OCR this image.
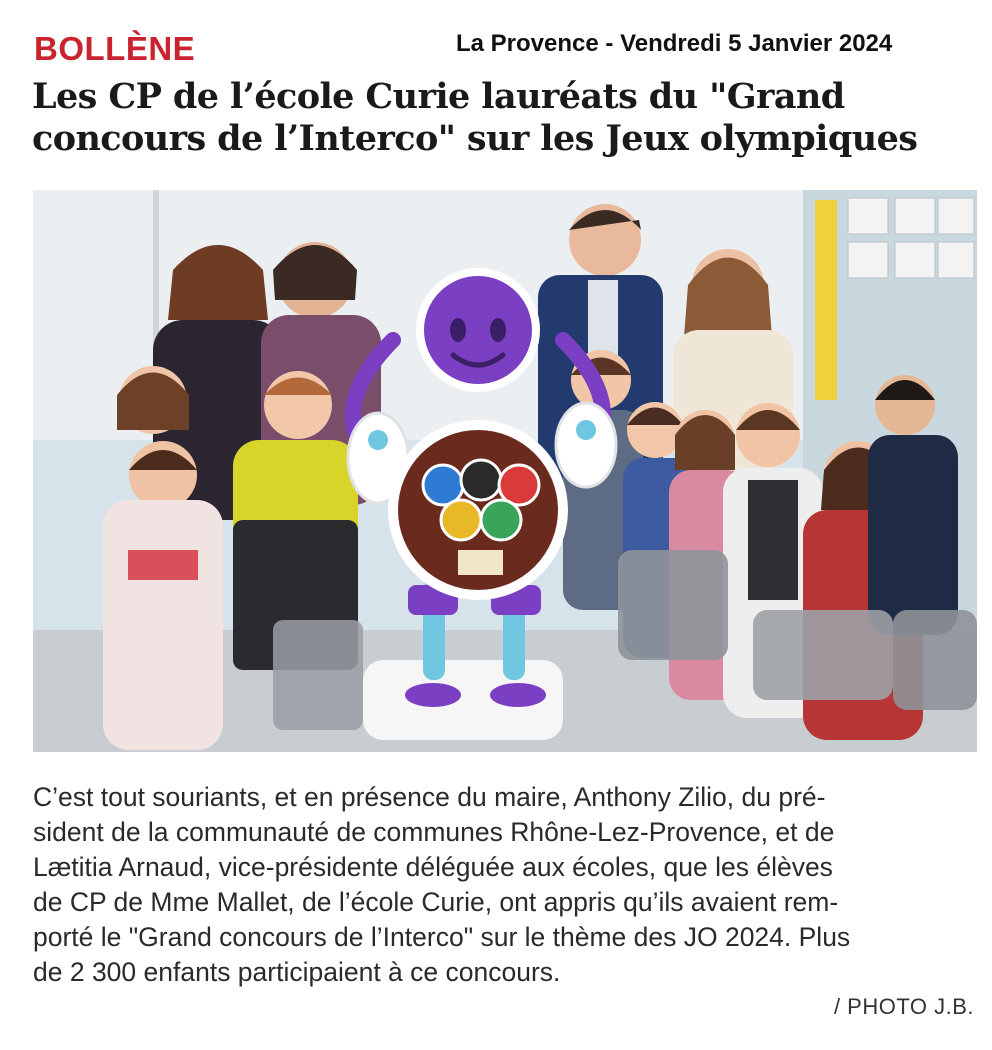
BOLLÈNE	La Provence - Vendredi 5 Janvier 2024
Les CP de l’école Curie lauréats du "Grand
concours de l’Interco" sur les Jeux olympiques

C’est tout souriants, et en présence du maire, Anthony Zilio, du pré-
sident de la communauté de communes Rhône-Lez-Provence, et de
Lætitia Arnaud, vice-présidente déléguée aux écoles, que les élèves
de CP de Mme Mallet, de l’école Curie, ont appris qu’ils avaient rem-
porté le "Grand concours de l’Interco" sur le thème des JO 2024. Plus
de 2 300 enfants participaient à ce concours.

/ PHOTO J.B.
